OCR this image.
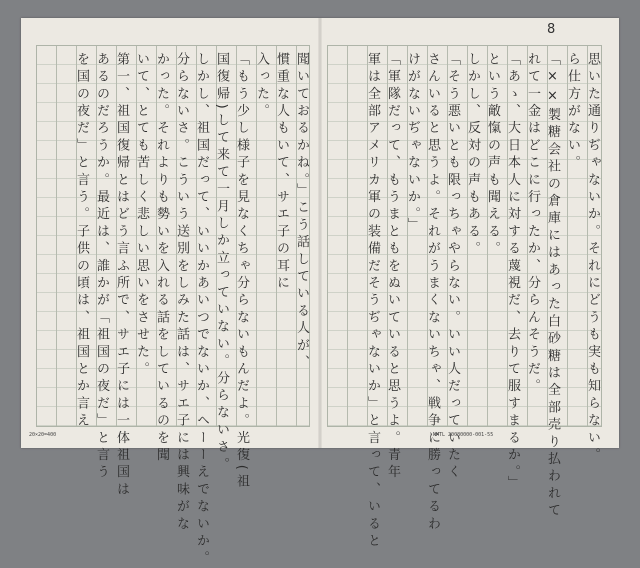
8
聞いておるかね。」こう話している人が、
慣重な人もいて、サエ子の耳に
入った。
「もう少し様子を見なくちゃ分らないもんだよ。光復(祖
国復帰)して来て一月しか立っていない。分らないさ。
しかし、祖国だって、いいかあいつでないか、ヘーーえでないか。
分らないさ。こういう送別をしみた話は、サエ子には興味がな
かった。それよりも勢いを入れる話をしているのを聞
いて、とても苦しく悲しい思いをさせた。
第一、祖国復帰とはどう言ふ所で、サエ子には一体祖国は
あるのだろうか。最近は、誰かが「祖国の夜だ」と言う
を国の夜だ」と言う。子供の頃は、祖国とか言え	思いた通りぢゃないか。それにどうも実も知らない。
ら仕方がない。
「××製糖会社の倉庫にはあった白砂糖は全部売り払われて
れて一金はどこに行ったか、分らんそうだ。
「あゝ、大日本人に対する蔑視だ、去りて服すまるか。」
という敵愾の声も聞える。
しかし、反対の声もある。
「そう悪いとも限っちゃやらない。いい人だっていたく
さんいると思うよ。それがうまくないちゃ、戦争に勝ってるわ
けがないぢゃないか。」
「軍隊だって、もうまともをぬいていると思うよ。青年
軍は全部アメリカ軍の装備だそうぢゃないか」と言って、いると
20×20=400	NMTL 20080000-001-55
